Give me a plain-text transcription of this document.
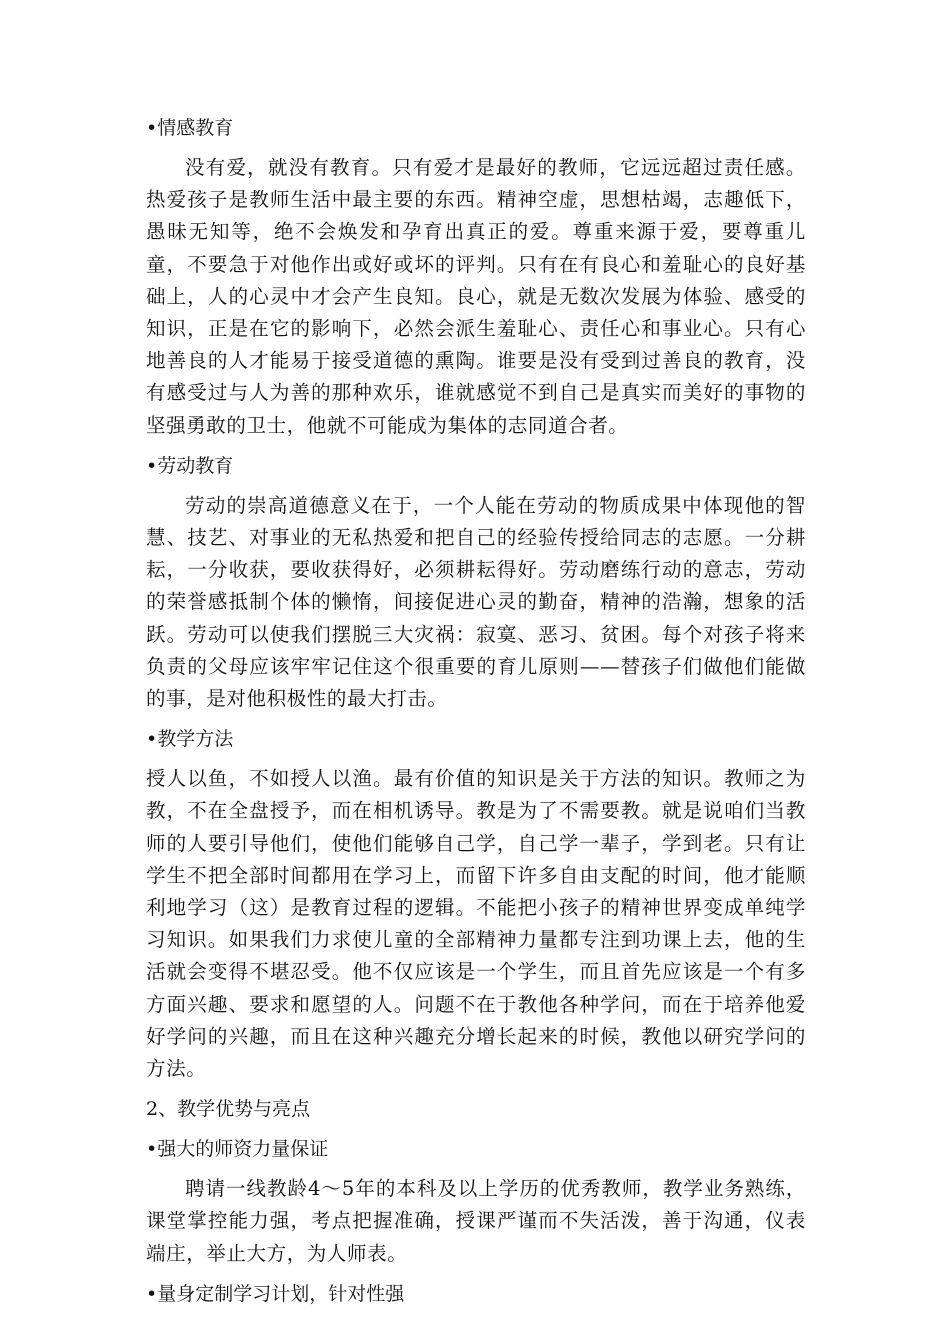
•情感教育

没有爱，就没有教育。只有爱才是最好的教师，它远远超过责任感。热爱孩子是教师生活中最主要的东西。精神空虚，思想枯竭，志趣低下，愚昧无知等，绝不会焕发和孕育出真正的爱。尊重来源于爱，要尊重儿童，不要急于对他作出或好或坏的评判。只有在有良心和羞耻心的良好基础上，人的心灵中才会产生良知。良心，就是无数次发展为体验、感受的知识，正是在它的影响下，必然会派生羞耻心、责任心和事业心。只有心地善良的人才能易于接受道德的熏陶。谁要是没有受到过善良的教育，没有感受过与人为善的那种欢乐，谁就感觉不到自己是真实而美好的事物的坚强勇敢的卫士，他就不可能成为集体的志同道合者。

•劳动教育

劳动的崇高道德意义在于，一个人能在劳动的物质成果中体现他的智慧、技艺、对事业的无私热爱和把自己的经验传授给同志的志愿。一分耕耘，一分收获，要收获得好，必须耕耘得好。劳动磨练行动的意志，劳动的荣誉感抵制个体的懒惰，间接促进心灵的勤奋，精神的浩瀚，想象的活跃。劳动可以使我们摆脱三大灾祸：寂寞、恶习、贫困。每个对孩子将来负责的父母应该牢牢记住这个很重要的育儿原则——替孩子们做他们能做的事，是对他积极性的最大打击。

•教学方法

授人以鱼，不如授人以渔。最有价值的知识是关于方法的知识。教师之为教，不在全盘授予，而在相机诱导。教是为了不需要教。就是说咱们当教师的人要引导他们，使他们能够自己学，自己学一辈子，学到老。只有让学生不把全部时间都用在学习上，而留下许多自由支配的时间，他才能顺利地学习（这）是教育过程的逻辑。不能把小孩子的精神世界变成单纯学习知识。如果我们力求使儿童的全部精神力量都专注到功课上去，他的生活就会变得不堪忍受。他不仅应该是一个学生，而且首先应该是一个有多方面兴趣、要求和愿望的人。问题不在于教他各种学问，而在于培养他爱好学问的兴趣，而且在这种兴趣充分增长起来的时候，教他以研究学问的方法。

2、教学优势与亮点
•强大的师资力量保证

聘请一线教龄4～5年的本科及以上学历的优秀教师，教学业务熟练，课堂掌控能力强，考点把握准确，授课严谨而不失活泼，善于沟通，仪表端庄，举止大方，为人师表。

•量身定制学习计划，针对性强
